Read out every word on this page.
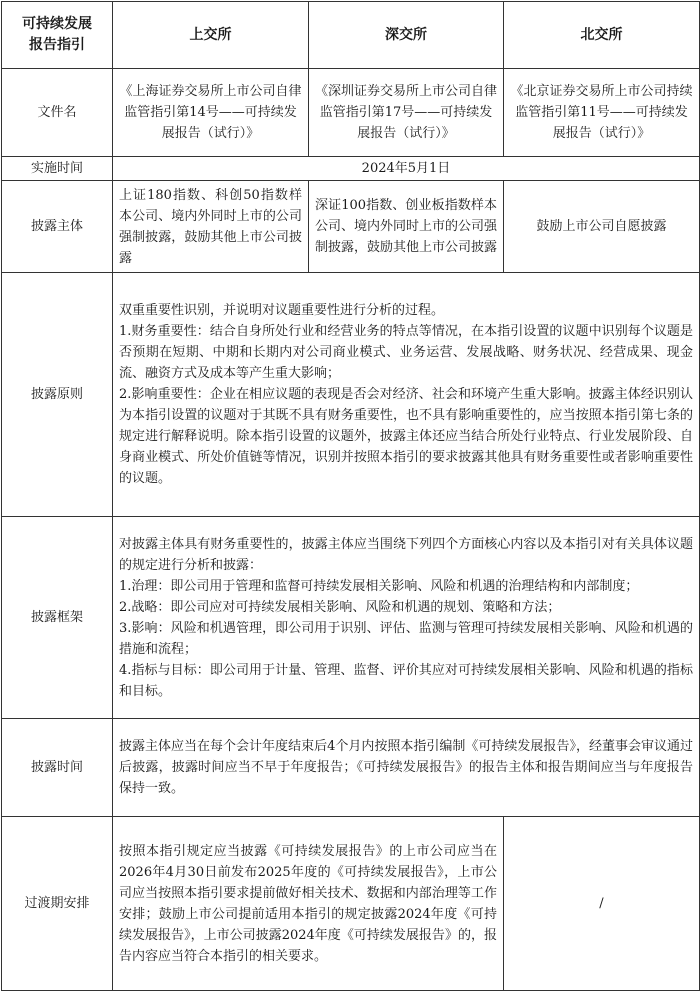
可持续发展报告指引	上交所	深交所	北交所
文件名	《上海证券交易所上市公司自律监管指引第14号——可持续发展报告（试行）》	《深圳证券交易所上市公司自律监管指引第17号——可持续发展报告（试行）》	《北京证券交易所上市公司持续监管指引第11号——可持续发展报告（试行）》
实施时间	2024年5月1日		
披露主体	上证180指数、科创50指数样本公司、境内外同时上市的公司强制披露，鼓励其他上市公司披露	深证100指数、创业板指数样本公司、境内外同时上市的公司强制披露，鼓励其他上市公司披露	鼓励上市公司自愿披露
披露原则	双重重要性识别，并说明对议题重要性进行分析的过程。
1.财务重要性：结合自身所处行业和经营业务的特点等情况，在本指引设置的议题中识别每个议题是否预期在短期、中期和长期内对公司商业模式、业务运营、发展战略、财务状况、经营成果、现金流、融资方式及成本等产生重大影响；
2.影响重要性：企业在相应议题的表现是否会对经济、社会和环境产生重大影响。披露主体经识别认为本指引设置的议题对于其既不具有财务重要性，也不具有影响重要性的，应当按照本指引第七条的规定进行解释说明。除本指引设置的议题外，披露主体还应当结合所处行业特点、行业发展阶段、自身商业模式、所处价值链等情况，识别并按照本指引的要求披露其他具有财务重要性或者影响重要性的议题。		

披露框架	对披露主体具有财务重要性的，披露主体应当围绕下列四个方面核心内容以及本指引对有关具体议题的规定进行分析和披露：
1.治理：即公司用于管理和监督可持续发展相关影响、风险和机遇的治理结构和内部制度；
2.战略：即公司应对可持续发展相关影响、风险和机遇的规划、策略和方法；
3.影响：风险和机遇管理，即公司用于识别、评估、监测与管理可持续发展相关影响、风险和机遇的措施和流程；
4.指标与目标：即公司用于计量、管理、监督、评价其应对可持续发展相关影响、风险和机遇的指标和目标。		

披露时间	披露主体应当在每个会计年度结束后4个月内按照本指引编制《可持续发展报告》，经董事会审议通过后披露，披露时间应当不早于年度报告；《可持续发展报告》的报告主体和报告期间应当与年度报告保持一致。		
过渡期安排	按照本指引规定应当披露《可持续发展报告》的上市公司应当在2026年4月30日前发布2025年度的《可持续发展报告》，上市公司应当按照本指引要求提前做好相关技术、数据和内部治理等工作安排；鼓励上市公司提前适用本指引的规定披露2024年度《可持续发展报告》，上市公司披露2024年度《可持续发展报告》的，报告内容应当符合本指引的相关要求。		/
